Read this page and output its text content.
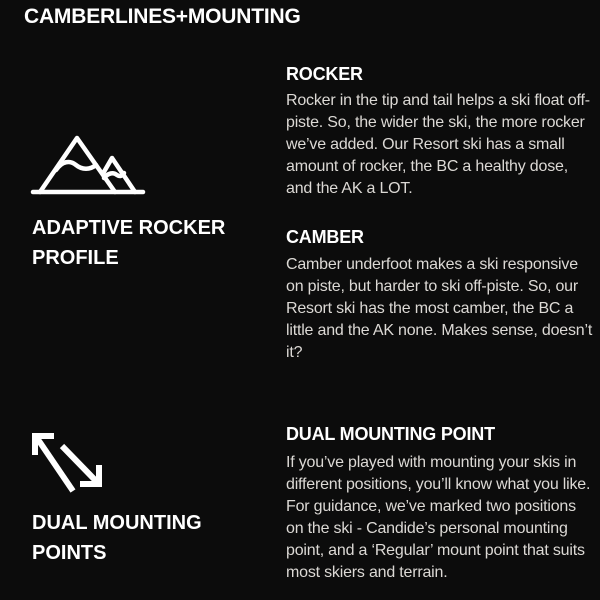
CAMBERLINES+MOUNTING

ADAPTIVE ROCKER PROFILE

ROCKER

Rocker in the tip and tail helps a ski float off-piste. So, the wider the ski, the more rocker we’ve added. Our Resort ski has a small amount of rocker, the BC a healthy dose, and the AK a LOT.

CAMBER

Camber underfoot makes a ski responsive on piste, but harder to ski off-piste. So, our Resort ski has the most camber, the BC a little and the AK none. Makes sense, doesn’t it?

DUAL MOUNTING POINTS

DUAL MOUNTING POINT

If you’ve played with mounting your skis in different positions, you’ll know what you like. For guidance, we’ve marked two positions on the ski - Candide’s personal mounting point, and a ‘Regular’ mount point that suits most skiers and terrain.
